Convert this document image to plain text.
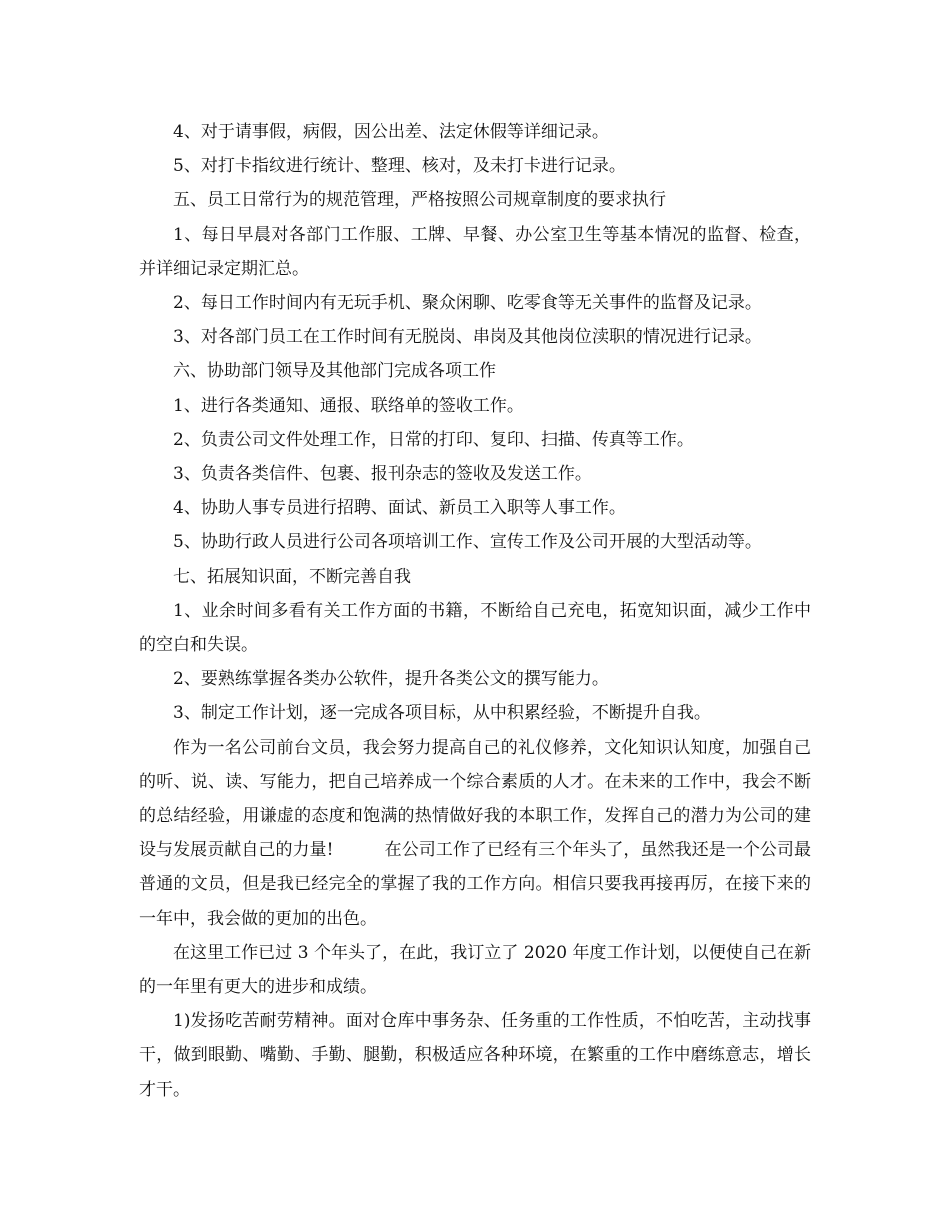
4、对于请事假，病假，因公出差、法定休假等详细记录。

5、对打卡指纹进行统计、整理、核对，及未打卡进行记录。

五、员工日常行为的规范管理，严格按照公司规章制度的要求执行

1、每日早晨对各部门工作服、工牌、早餐、办公室卫生等基本情况的监督、检查，并详细记录定期汇总。

2、每日工作时间内有无玩手机、聚众闲聊、吃零食等无关事件的监督及记录。

3、对各部门员工在工作时间有无脱岗、串岗及其他岗位渎职的情况进行记录。

六、协助部门领导及其他部门完成各项工作

1、进行各类通知、通报、联络单的签收工作。

2、负责公司文件处理工作，日常的打印、复印、扫描、传真等工作。

3、负责各类信件、包裹、报刊杂志的签收及发送工作。

4、协助人事专员进行招聘、面试、新员工入职等人事工作。

5、协助行政人员进行公司各项培训工作、宣传工作及公司开展的大型活动等。

七、拓展知识面，不断完善自我

1、业余时间多看有关工作方面的书籍，不断给自己充电，拓宽知识面，减少工作中的空白和失误。

2、要熟练掌握各类办公软件，提升各类公文的撰写能力。

3、制定工作计划，逐一完成各项目标，从中积累经验，不断提升自我。

作为一名公司前台文员，我会努力提高自己的礼仪修养，文化知识认知度，加强自己的听、说、读、写能力，把自己培养成一个综合素质的人才。在未来的工作中，我会不断的总结经验，用谦虚的态度和饱满的热情做好我的本职工作，发挥自己的潜力为公司的建设与发展贡献自己的力量!　　　在公司工作了已经有三个年头了，虽然我还是一个公司最普通的文员，但是我已经完全的掌握了我的工作方向。相信只要我再接再厉，在接下来的一年中，我会做的更加的出色。

在这里工作已过 3 个年头了，在此，我订立了 2020 年度工作计划，以便使自己在新的一年里有更大的进步和成绩。

1)发扬吃苦耐劳精神。面对仓库中事务杂、任务重的工作性质，不怕吃苦，主动找事干，做到眼勤、嘴勤、手勤、腿勤，积极适应各种环境，在繁重的工作中磨练意志，增长才干。
